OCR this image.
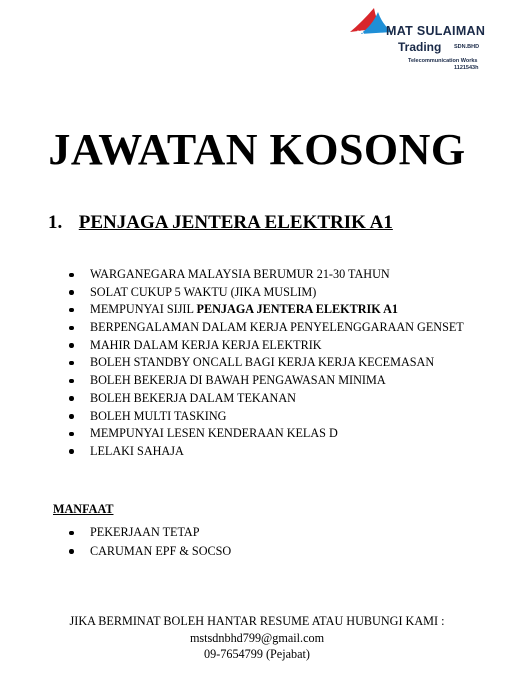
MAT SULAIMAN
Trading SDN.BHD
Telecommunication Works
1121543h
JAWATAN KOSONG
1. PENJAGA JENTERA ELEKTRIK A1
WARGANEGARA MALAYSIA BERUMUR 21-30 TAHUN
SOLAT CUKUP 5 WAKTU (JIKA MUSLIM)
MEMPUNYAI SIJIL PENJAGA JENTERA ELEKTRIK A1
BERPENGALAMAN DALAM KERJA PENYELENGGARAAN GENSET
MAHIR DALAM KERJA KERJA ELEKTRIK
BOLEH STANDBY ONCALL BAGI KERJA KERJA KECEMASAN
BOLEH BEKERJA DI BAWAH PENGAWASAN MINIMA
BOLEH BEKERJA DALAM TEKANAN
BOLEH MULTI TASKING
MEMPUNYAI LESEN KENDERAAN KELAS D
LELAKI SAHAJA
MANFAAT
PEKERJAAN TETAP
CARUMAN EPF & SOCSO
JIKA BERMINAT BOLEH HANTAR RESUME ATAU HUBUNGI KAMI :
mstsdnbhd799@gmail.com
09-7654799 (Pejabat)
